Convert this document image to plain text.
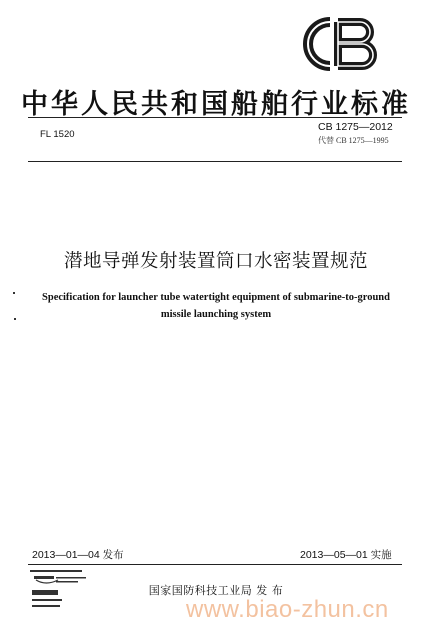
中华人民共和国船舶行业标准
FL 1520
CB 1275—2012
代替 CB 1275—1995
潜地导弹发射装置筒口水密装置规范
Specification for launcher tube watertight equipment of submarine-to-ground
missile launching system
2013—01—04 发布	2013—05—01 实施
国家国防科技工业局 发 布
www.biao-zhun.cn
